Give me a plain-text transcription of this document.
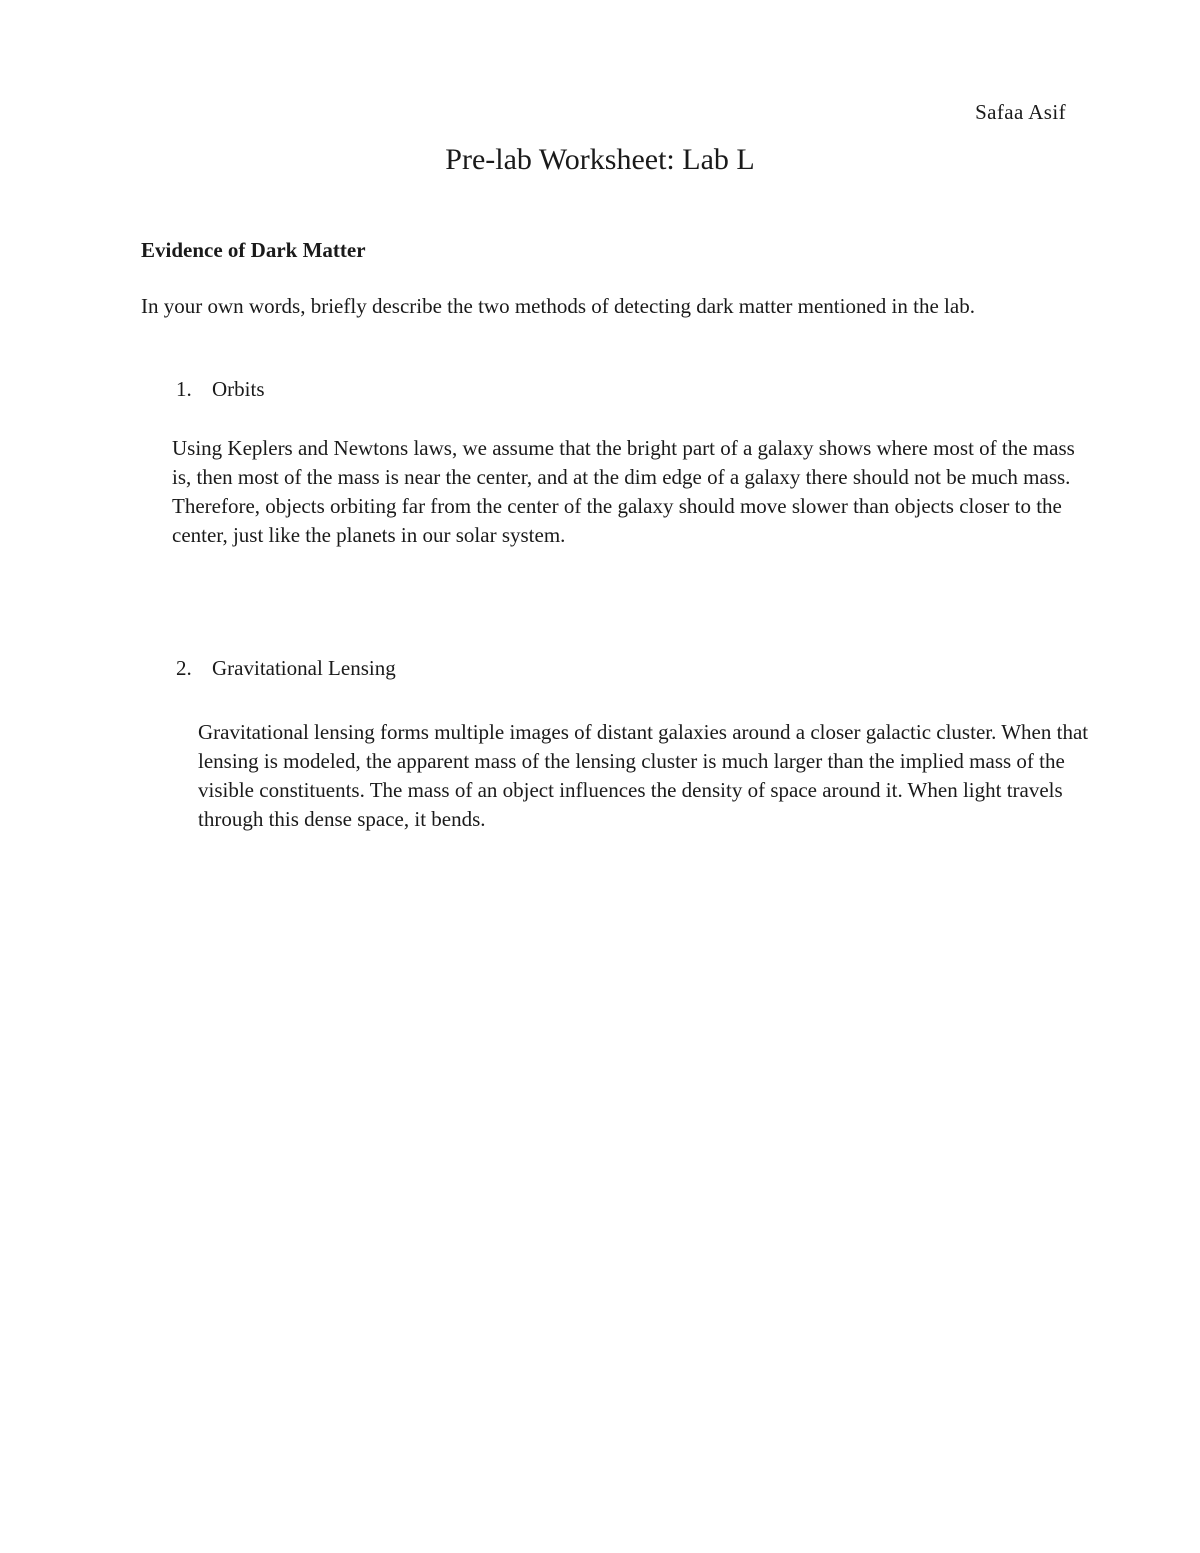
Safaa Asif
Pre-lab Worksheet: Lab L
Evidence of Dark Matter
In your own words, briefly describe the two methods of detecting dark matter mentioned in the lab.
1. Orbits
Using Keplers and Newtons laws, we assume that the bright part of a galaxy shows where most of the mass is, then most of the mass is near the center, and at the dim edge of a galaxy there should not be much mass. Therefore, objects orbiting far from the center of the galaxy should move slower than objects closer to the center, just like the planets in our solar system.
2. Gravitational Lensing
Gravitational lensing forms multiple images of distant galaxies around a closer galactic cluster. When that lensing is modeled, the apparent mass of the lensing cluster is much larger than the implied mass of the visible constituents. The mass of an object influences the density of space around it. When light travels through this dense space, it bends.
